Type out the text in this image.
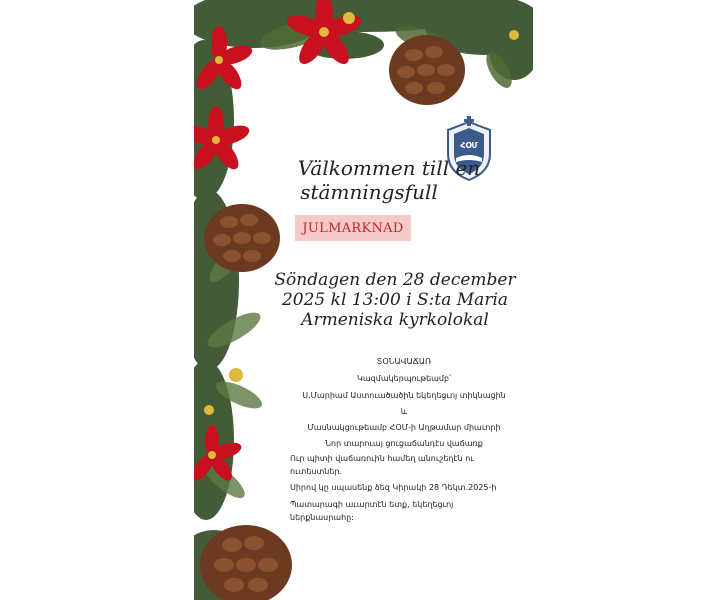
ՀՕՄ
Välkommen till en
stämningsfull
JULMARKNAD
Söndagen den 28 december
2025 kl 13:00 i S:ta Maria
Armeniska kyrkolokal
ՏՕՆԱՎԱՃԱՌ
Կազմակերպութեամբ՝
Ս.Մարիամ Աստուածածին եկեղեցւոյ տիկնացին
և
Մասնակցութեամբ ՀՕՄ-ի Աղթամար միաւորի
Նոր տարուայ ցուցաճանդէս վաճառք
Ուր պիտի վաճառուին համեղ անուշեղէն ու
ուտեստներ.
Սիրով կը սպասենք ձեզ Կիրակի 28 Դեկտ.2025-ի
Պատարագի աւարտէն ետք, եկեղեցւոյ
ներքնասրահը:
